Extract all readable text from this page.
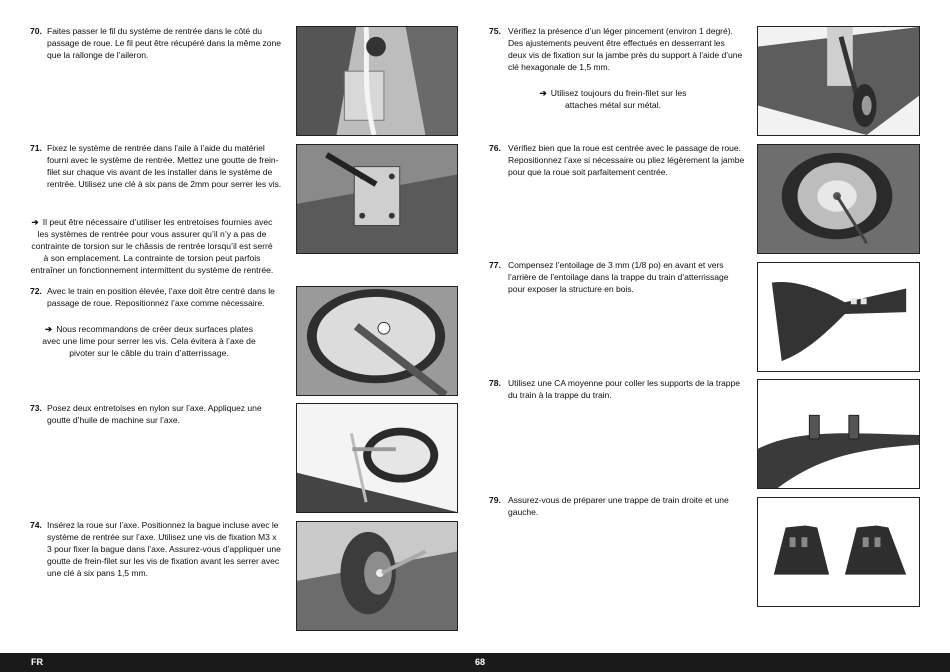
70. Faites passer le fil du système de rentrée dans le côté du passage de roue. Le fil peut être récupéré dans la même zone que la rallonge de l’aileron.
71. Fixez le système de rentrée dans l’aile à l’aide du matériel fourni avec le système de rentrée. Mettez une goutte de frein-filet sur chaque vis avant de les installer dans le système de rentrée. Utilisez une clé à six pans de 2mm pour serrer les vis.
➔ Il peut être nécessaire d’utiliser les entretoises fournies avec les systèmes de rentrée pour vous assurer qu’il n’y a pas de contrainte de torsion sur le châssis de rentrée lorsqu’il est serré à son emplacement. La contrainte de torsion peut parfois entraîner un fonctionnement intermittent du système de rentrée.
72. Avec le train en position élevée, l’axe doit être centré dans le passage de roue. Repositionnez l’axe comme nécessaire.
➔ Nous recommandons de créer deux surfaces plates avec une lime pour serrer les vis. Cela évitera à l’axe de pivoter sur le câble du train d’atterrissage.
73. Posez deux entretoises en nylon sur l’axe. Appliquez une goutte d’huile de machine sur l’axe.
74. Insérez la roue sur l’axe. Positionnez la bague incluse avec le système de rentrée sur l’axe. Utilisez une vis de fixation M3 x 3 pour fixer la bague dans l’axe. Assurez-vous d’appliquer une goutte de frein-filet sur les vis de fixation avant les serrer avec une clé à six pans 1,5 mm.
75. Vérifiez la présence d’un léger pincement (environ 1 degré). Des ajustements peuvent être effectués en desserrant les deux vis de fixation sur la jambe près du support à l’aide d’une clé hexagonale de 1,5 mm.
➔ Utilisez toujours du frein-filet sur les attaches métal sur métal.
76. Vérifiez bien que la roue est centrée avec le passage de roue. Repositionnez l’axe si nécessaire ou pliez légèrement la jambe pour que la roue soit parfaitement centrée.
77. Compensez l’entoilage de 3 mm (1/8 po) en avant et vers l’arrière de l’entoilage dans la trappe du train d’atterrissage pour exposer la structure en bois.
78. Utilisez une CA moyenne pour coller les supports de la trappe du train à la trappe du train.
79. Assurez-vous de préparer une trappe de train droite et une gauche.
FR	68
